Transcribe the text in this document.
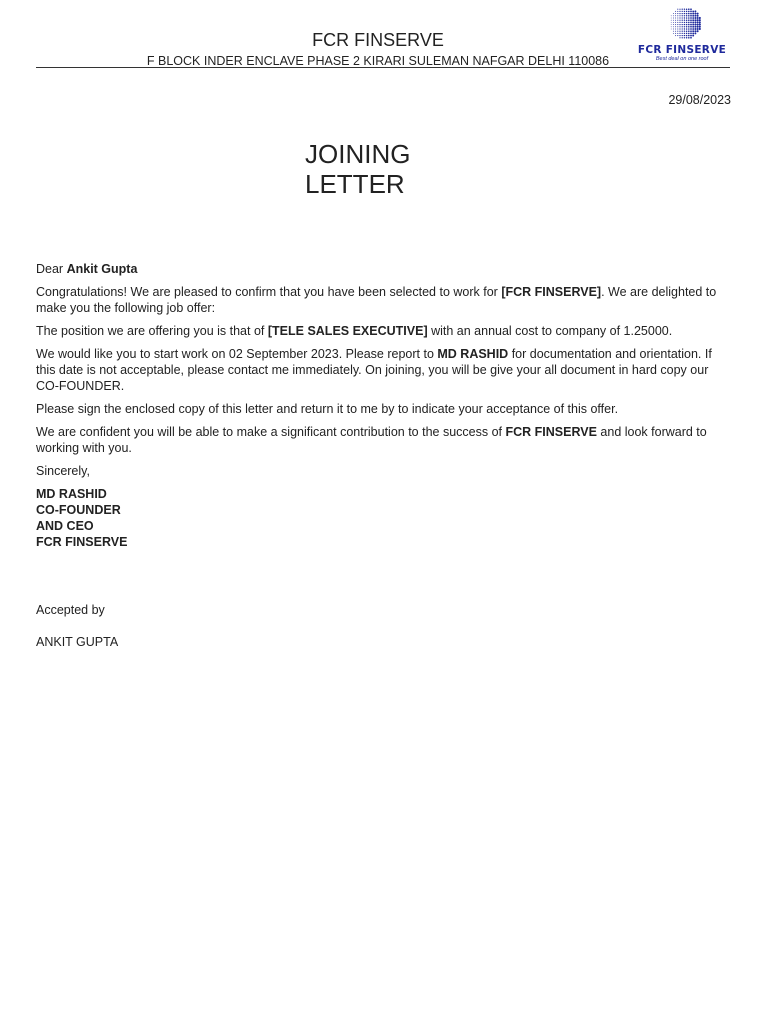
FCR FINSERVE
F BLOCK INDER ENCLAVE PHASE 2 KIRARI SULEMAN NAFGAR DELHI 110086
FCR FINSERVE
Best deal on one roof
29/08/2023
JOINING
LETTER

Dear Ankit Gupta

Congratulations! We are pleased to confirm that you have been selected to work for [FCR FINSERVE]. We are delighted to make you the following job offer:

The position we are offering you is that of [TELE SALES EXECUTIVE] with an annual cost to company of 1.25000.

We would like you to start work on 02 September 2023. Please report to MD RASHID for documentation and orientation. If this date is not acceptable, please contact me immediately. On joining, you will be give your all document in hard copy our CO-FOUNDER.

Please sign the enclosed copy of this letter and return it to me by to indicate your acceptance of this offer.

We are confident you will be able to make a significant contribution to the success of FCR FINSERVE and look forward to working with you.

Sincerely,

MD RASHID
CO-FOUNDER
AND CEO
FCR FINSERVE
Accepted by
ANKIT GUPTA
